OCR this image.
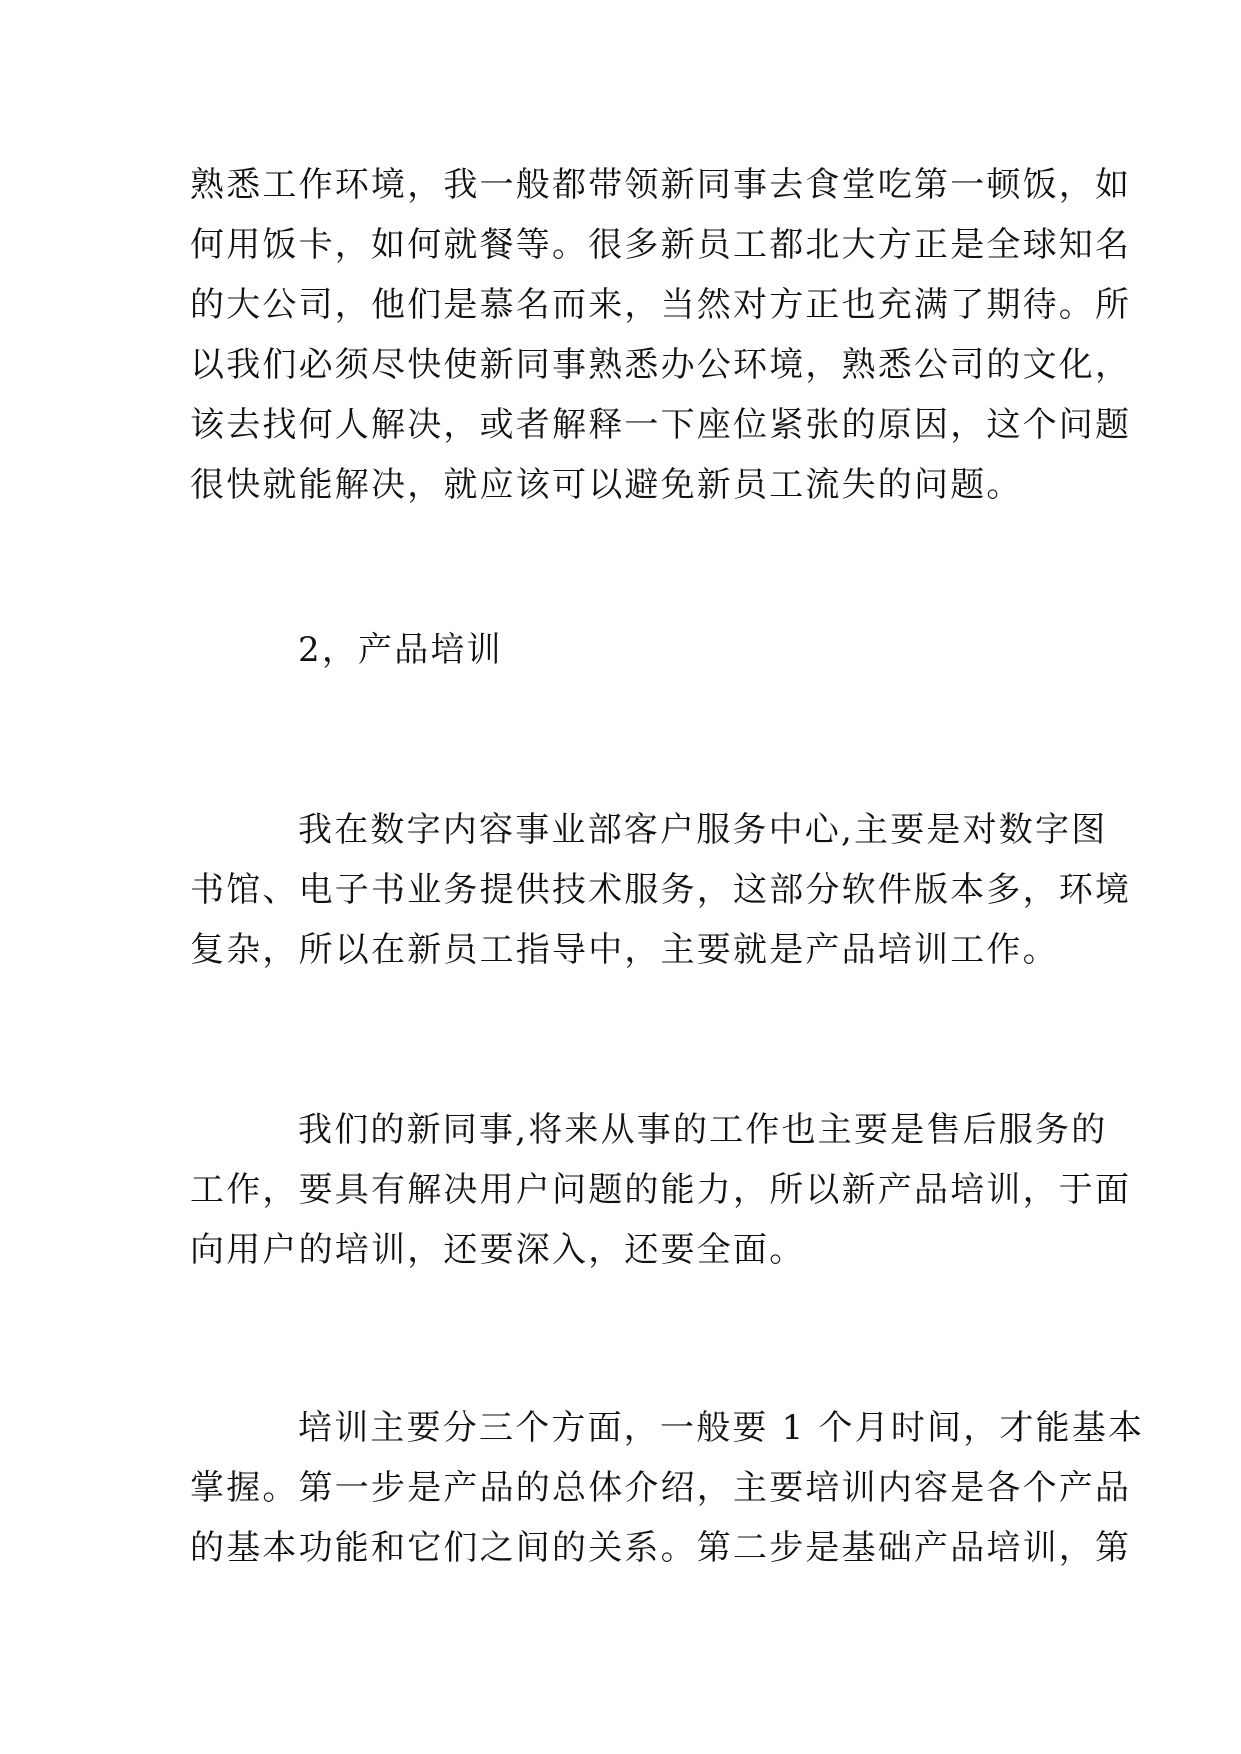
熟悉工作环境，我一般都带领新同事去食堂吃第一顿饭，如
何用饭卡，如何就餐等。很多新员工都北大方正是全球知名
的大公司，他们是慕名而来，当然对方正也充满了期待。所
以我们必须尽快使新同事熟悉办公环境，熟悉公司的文化，
该去找何人解决，或者解释一下座位紧张的原因，这个问题
很快就能解决，就应该可以避免新员工流失的问题。
2，产品培训
我在数字内容事业部客户服务中心,主要是对数字图
书馆、电子书业务提供技术服务，这部分软件版本多，环境
复杂，所以在新员工指导中，主要就是产品培训工作。
我们的新同事,将来从事的工作也主要是售后服务的
工作，要具有解决用户问题的能力，所以新产品培训，于面
向用户的培训，还要深入，还要全面。
培训主要分三个方面，一般要 1 个月时间，才能基本
掌握。第一步是产品的总体介绍，主要培训内容是各个产品
的基本功能和它们之间的关系。第二步是基础产品培训，第
